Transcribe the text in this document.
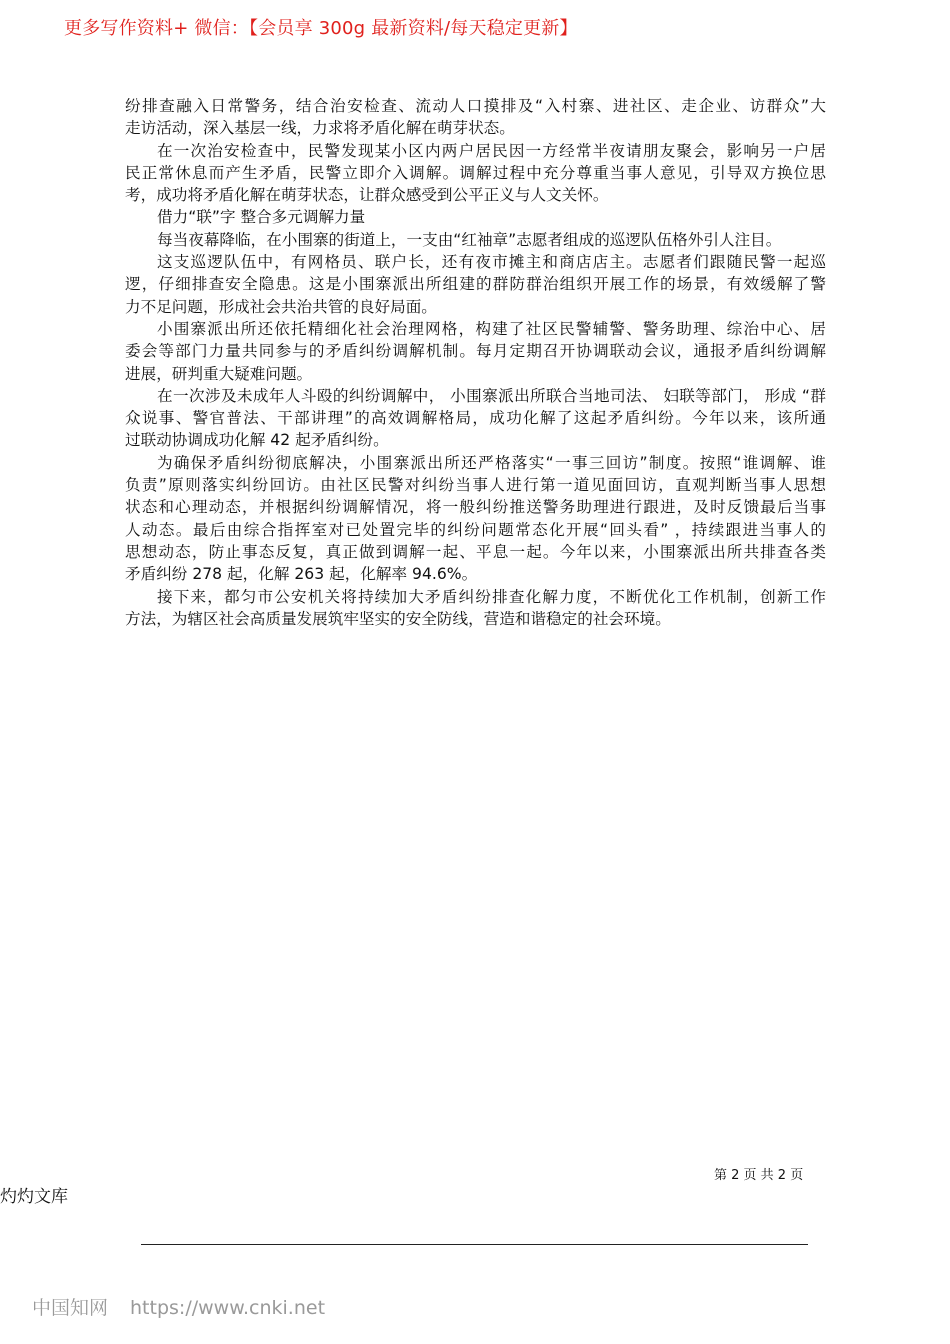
更多写作资料+ 微信：【会员享 300g 最新资料/每天稳定更新】
纷排查融入日常警务，结合治安检查、流动人口摸排及“入村寨、进社区、走企业、访群众”大
走访活动，深入基层一线，力求将矛盾化解在萌芽状态。
在一次治安检查中，民警发现某小区内两户居民因一方经常半夜请朋友聚会，影响另一户居
民正常休息而产生矛盾，民警立即介入调解。调解过程中充分尊重当事人意见，引导双方换位思
考，成功将矛盾化解在萌芽状态，让群众感受到公平正义与人文关怀。
借力“联”字 整合多元调解力量
每当夜幕降临，在小围寨的街道上，一支由“红袖章”志愿者组成的巡逻队伍格外引人注目。
这支巡逻队伍中，有网格员、联户长，还有夜市摊主和商店店主。志愿者们跟随民警一起巡
逻，仔细排查安全隐患。这是小围寨派出所组建的群防群治组织开展工作的场景，有效缓解了警
力不足问题，形成社会共治共管的良好局面。
小围寨派出所还依托精细化社会治理网格，构建了社区民警辅警、警务助理、综治中心、居
委会等部门力量共同参与的矛盾纠纷调解机制。每月定期召开协调联动会议，通报矛盾纠纷调解
进展，研判重大疑难问题。
在一次涉及未成年人斗殴的纠纷调解中， 小围寨派出所联合当地司法、 妇联等部门， 形成 “群
众说事、警官普法、干部讲理”的高效调解格局，成功化解了这起矛盾纠纷。今年以来，该所通
过联动协调成功化解 42 起矛盾纠纷。
为确保矛盾纠纷彻底解决，小围寨派出所还严格落实“一事三回访”制度。按照“谁调解、谁
负责”原则落实纠纷回访。由社区民警对纠纷当事人进行第一道见面回访，直观判断当事人思想
状态和心理动态，并根据纠纷调解情况，将一般纠纷推送警务助理进行跟进，及时反馈最后当事
人动态。最后由综合指挥室对已处置完毕的纠纷问题常态化开展“回头看” ，持续跟进当事人的
思想动态，防止事态反复，真正做到调解一起、平息一起。今年以来，小围寨派出所共排查各类
矛盾纠纷 278 起，化解 263 起，化解率 94.6%。
接下来，都匀市公安机关将持续加大矛盾纠纷排查化解力度，不断优化工作机制，创新工作
方法，为辖区社会高质量发展筑牢坚实的安全防线，营造和谐稳定的社会环境。
第 2 页 共 2 页
灼灼文库
中国知网 https://www.cnki.net
